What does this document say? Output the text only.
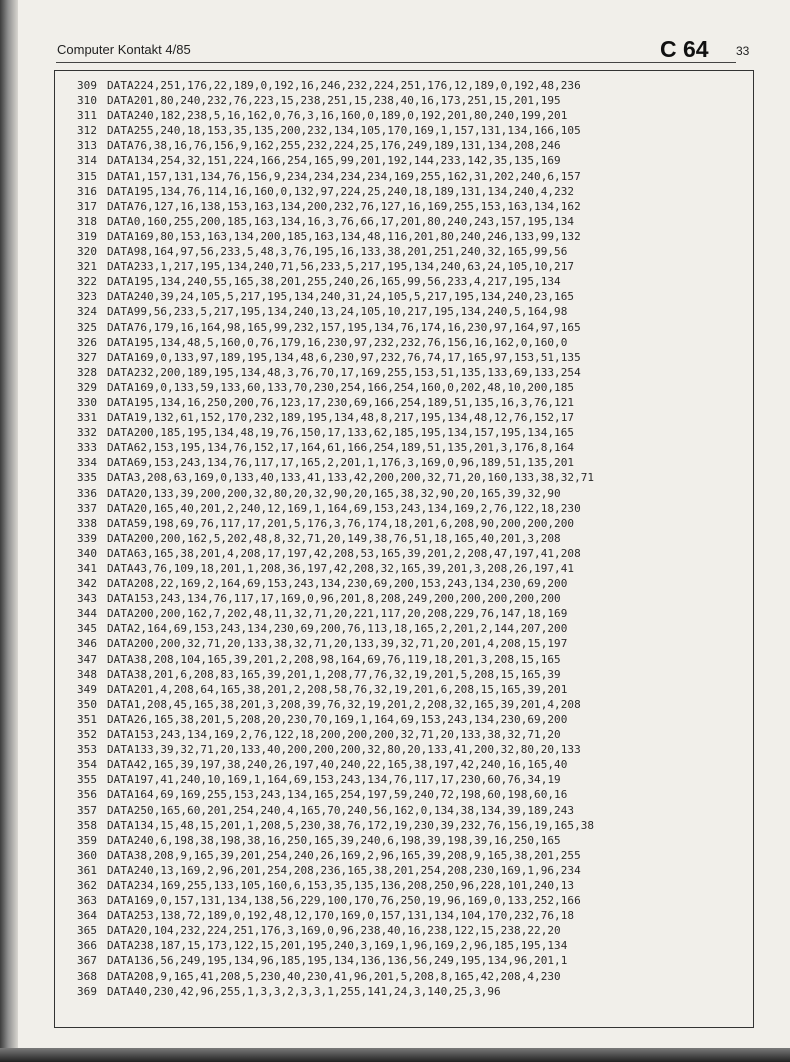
Computer Kontakt 4/85	C 64 33
309 DATA224,251,176,22,189,0,192,16,246,232,224,251,176,12,189,0,192,48,236
310 DATA201,80,240,232,76,223,15,238,251,15,238,40,16,173,251,15,201,195
311 DATA240,182,238,5,16,162,0,76,3,16,160,0,189,0,192,201,80,240,199,201
312 DATA255,240,18,153,35,135,200,232,134,105,170,169,1,157,131,134,166,105
313 DATA76,38,16,76,156,9,162,255,232,224,25,176,249,189,131,134,208,246
314 DATA134,254,32,151,224,166,254,165,99,201,192,144,233,142,35,135,169
315 DATA1,157,131,134,76,156,9,234,234,234,234,169,255,162,31,202,240,6,157
316 DATA195,134,76,114,16,160,0,132,97,224,25,240,18,189,131,134,240,4,232
317 DATA76,127,16,138,153,163,134,200,232,76,127,16,169,255,153,163,134,162
318 DATA0,160,255,200,185,163,134,16,3,76,66,17,201,80,240,243,157,195,134
319 DATA169,80,153,163,134,200,185,163,134,48,116,201,80,240,246,133,99,132
320 DATA98,164,97,56,233,5,48,3,76,195,16,133,38,201,251,240,32,165,99,56
321 DATA233,1,217,195,134,240,71,56,233,5,217,195,134,240,63,24,105,10,217
322 DATA195,134,240,55,165,38,201,255,240,26,165,99,56,233,4,217,195,134
323 DATA240,39,24,105,5,217,195,134,240,31,24,105,5,217,195,134,240,23,165
324 DATA99,56,233,5,217,195,134,240,13,24,105,10,217,195,134,240,5,164,98
325 DATA76,179,16,164,98,165,99,232,157,195,134,76,174,16,230,97,164,97,165
326 DATA195,134,48,5,160,0,76,179,16,230,97,232,232,76,156,16,162,0,160,0
327 DATA169,0,133,97,189,195,134,48,6,230,97,232,76,74,17,165,97,153,51,135
328 DATA232,200,189,195,134,48,3,76,70,17,169,255,153,51,135,133,69,133,254
329 DATA169,0,133,59,133,60,133,70,230,254,166,254,160,0,202,48,10,200,185
330 DATA195,134,16,250,200,76,123,17,230,69,166,254,189,51,135,16,3,76,121
331 DATA19,132,61,152,170,232,189,195,134,48,8,217,195,134,48,12,76,152,17
332 DATA200,185,195,134,48,19,76,150,17,133,62,185,195,134,157,195,134,165
333 DATA62,153,195,134,76,152,17,164,61,166,254,189,51,135,201,3,176,8,164
334 DATA69,153,243,134,76,117,17,165,2,201,1,176,3,169,0,96,189,51,135,201
335 DATA3,208,63,169,0,133,40,133,41,133,42,200,200,32,71,20,160,133,38,32,71
336 DATA20,133,39,200,200,32,80,20,32,90,20,165,38,32,90,20,165,39,32,90
337 DATA20,165,40,201,2,240,12,169,1,164,69,153,243,134,169,2,76,122,18,230
338 DATA59,198,69,76,117,17,201,5,176,3,76,174,18,201,6,208,90,200,200,200
339 DATA200,200,162,5,202,48,8,32,71,20,149,38,76,51,18,165,40,201,3,208
340 DATA63,165,38,201,4,208,17,197,42,208,53,165,39,201,2,208,47,197,41,208
341 DATA43,76,109,18,201,1,208,36,197,42,208,32,165,39,201,3,208,26,197,41
342 DATA208,22,169,2,164,69,153,243,134,230,69,200,153,243,134,230,69,200
343 DATA153,243,134,76,117,17,169,0,96,201,8,208,249,200,200,200,200,200
344 DATA200,200,162,7,202,48,11,32,71,20,221,117,20,208,229,76,147,18,169
345 DATA2,164,69,153,243,134,230,69,200,76,113,18,165,2,201,2,144,207,200
346 DATA200,200,32,71,20,133,38,32,71,20,133,39,32,71,20,201,4,208,15,197
347 DATA38,208,104,165,39,201,2,208,98,164,69,76,119,18,201,3,208,15,165
348 DATA38,201,6,208,83,165,39,201,1,208,77,76,32,19,201,5,208,15,165,39
349 DATA201,4,208,64,165,38,201,2,208,58,76,32,19,201,6,208,15,165,39,201
350 DATA1,208,45,165,38,201,3,208,39,76,32,19,201,2,208,32,165,39,201,4,208
351 DATA26,165,38,201,5,208,20,230,70,169,1,164,69,153,243,134,230,69,200
352 DATA153,243,134,169,2,76,122,18,200,200,200,32,71,20,133,38,32,71,20
353 DATA133,39,32,71,20,133,40,200,200,200,32,80,20,133,41,200,32,80,20,133
354 DATA42,165,39,197,38,240,26,197,40,240,22,165,38,197,42,240,16,165,40
355 DATA197,41,240,10,169,1,164,69,153,243,134,76,117,17,230,60,76,34,19
356 DATA164,69,169,255,153,243,134,165,254,197,59,240,72,198,60,198,60,16
357 DATA250,165,60,201,254,240,4,165,70,240,56,162,0,134,38,134,39,189,243
358 DATA134,15,48,15,201,1,208,5,230,38,76,172,19,230,39,232,76,156,19,165,38
359 DATA240,6,198,38,198,38,16,250,165,39,240,6,198,39,198,39,16,250,165
360 DATA38,208,9,165,39,201,254,240,26,169,2,96,165,39,208,9,165,38,201,255
361 DATA240,13,169,2,96,201,254,208,236,165,38,201,254,208,230,169,1,96,234
362 DATA234,169,255,133,105,160,6,153,35,135,136,208,250,96,228,101,240,13
363 DATA169,0,157,131,134,138,56,229,100,170,76,250,19,96,169,0,133,252,166
364 DATA253,138,72,189,0,192,48,12,170,169,0,157,131,134,104,170,232,76,18
365 DATA20,104,232,224,251,176,3,169,0,96,238,40,16,238,122,15,238,22,20
366 DATA238,187,15,173,122,15,201,195,240,3,169,1,96,169,2,96,185,195,134
367 DATA136,56,249,195,134,96,185,195,134,136,136,56,249,195,134,96,201,1
368 DATA208,9,165,41,208,5,230,40,230,41,96,201,5,208,8,165,42,208,4,230
369 DATA40,230,42,96,255,1,3,3,2,3,3,1,255,141,24,3,140,25,3,96
